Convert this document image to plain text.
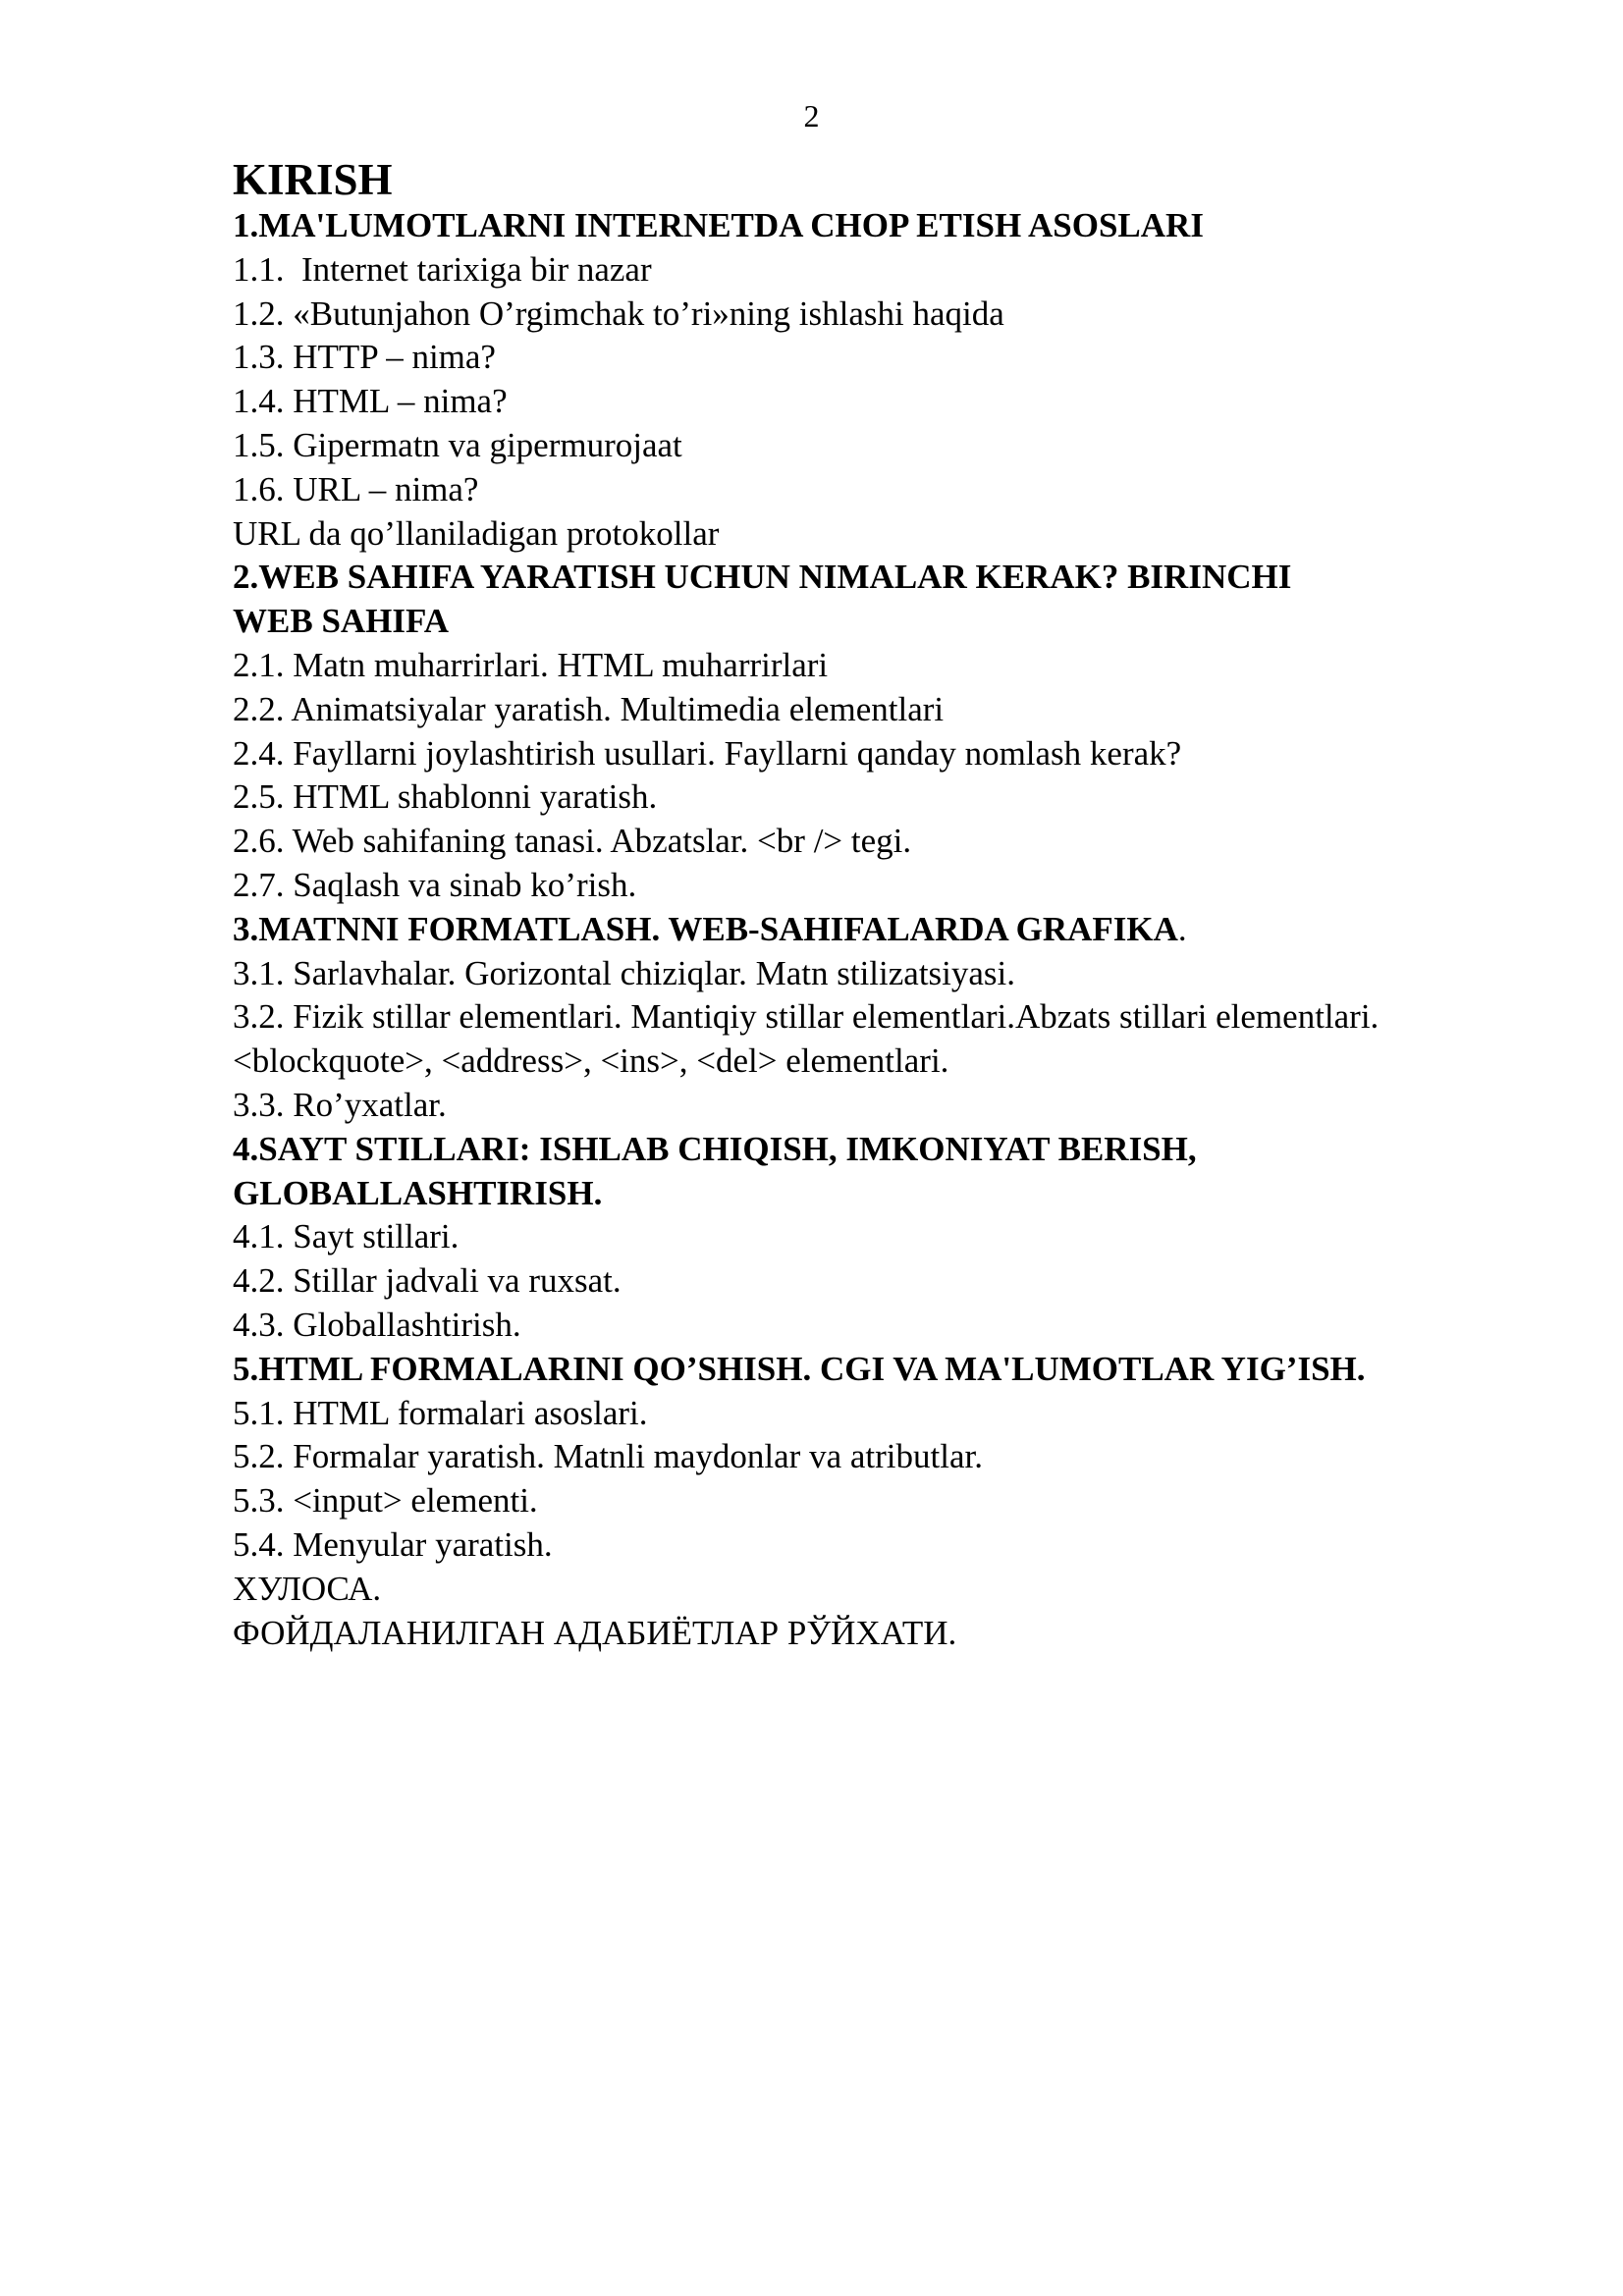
2
KIRISH
1.MA'LUMOTLARNI INTERNETDA CHOP ETISH ASOSLARI
1.1.  Internet tarixiga bir nazar
1.2. «Butunjahon O’rgimchak to’ri»ning ishlashi haqida
1.3. HTTP – nima?
1.4. HTML – nima?
1.5. Gipermatn va gipermurojaat
1.6. URL – nima?
URL da qo’llaniladigan protokollar
2.WEB SAHIFA YARATISH UCHUN NIMALAR KERAK? BIRINCHI
WEB SAHIFA
2.1. Matn muharrirlari. HTML muharrirlari
2.2. Animatsiyalar yaratish. Multimedia elementlari
2.4. Fayllarni joylashtirish usullari. Fayllarni qanday nomlash kerak?
2.5. HTML shablonni yaratish.
2.6. Web sahifaning tanasi. Abzatslar. <br /> tegi.
2.7. Saqlash va sinab ko’rish.
3.MATNNI FORMATLASH. WEB-SAHIFALARDA GRAFIKA.
3.1. Sarlavhalar. Gorizontal chiziqlar. Matn stilizatsiyasi.
3.2. Fizik stillar elementlari. Mantiqiy stillar elementlari.Abzats stillari elementlari.
<blockquote>, <address>, <ins>, <del> elementlari.
3.3. Ro’yxatlar.
4.SAYT STILLARI: ISHLAB CHIQISH, IMKONIYAT BERISH,
GLOBALLASHTIRISH.
4.1. Sayt stillari.
4.2. Stillar jadvali va ruxsat.
4.3. Globallashtirish.
5.HTML FORMALARINI QO’SHISH. CGI VA MA'LUMOTLAR YIG’ISH.
5.1. HTML formalari asoslari.
5.2. Formalar yaratish. Matnli maydonlar va atributlar.
5.3. <input> elementi.
5.4. Menyular yaratish.
ХУЛОСА.
ФОЙДАЛАНИЛГАН АДАБИЁТЛАР РЎЙХАТИ.
